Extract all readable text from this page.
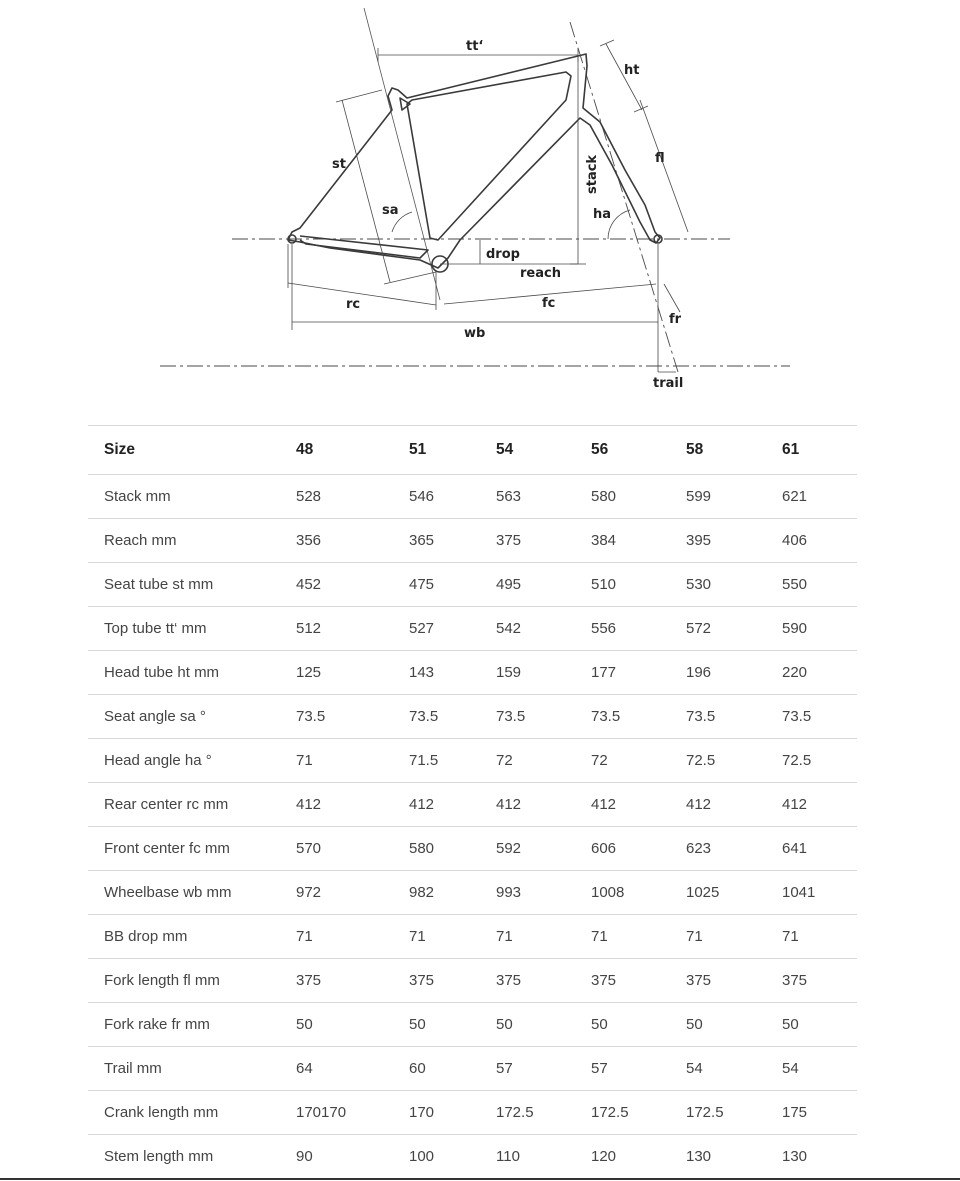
tt‘
ht
fl
st
sa
stack
ha
drop
reach
rc	fc
fr
wb
trail
Size	48	51	54	56	58	61
Stack mm	528	546	563	580	599	621
Reach mm	356	365	375	384	395	406
Seat tube st mm	452	475	495	510	530	550
Top tube tt‘ mm	512	527	542	556	572	590
Head tube ht mm	125	143	159	177	196	220
Seat angle sa °	73.5	73.5	73.5	73.5	73.5	73.5
Head angle ha °	71	71.5	72	72	72.5	72.5
Rear center rc mm	412	412	412	412	412	412
Front center fc mm	570	580	592	606	623	641
Wheelbase wb mm	972	982	993	1008	1025	1041
BB drop mm	71	71	71	71	71	71
Fork length fl mm	375	375	375	375	375	375
Fork rake fr mm	50	50	50	50	50	50
Trail mm	64	60	57	57	54	54
Crank length mm	170170	170	172.5	172.5	172.5	175
Stem length mm	90	100	110	120	130	130
